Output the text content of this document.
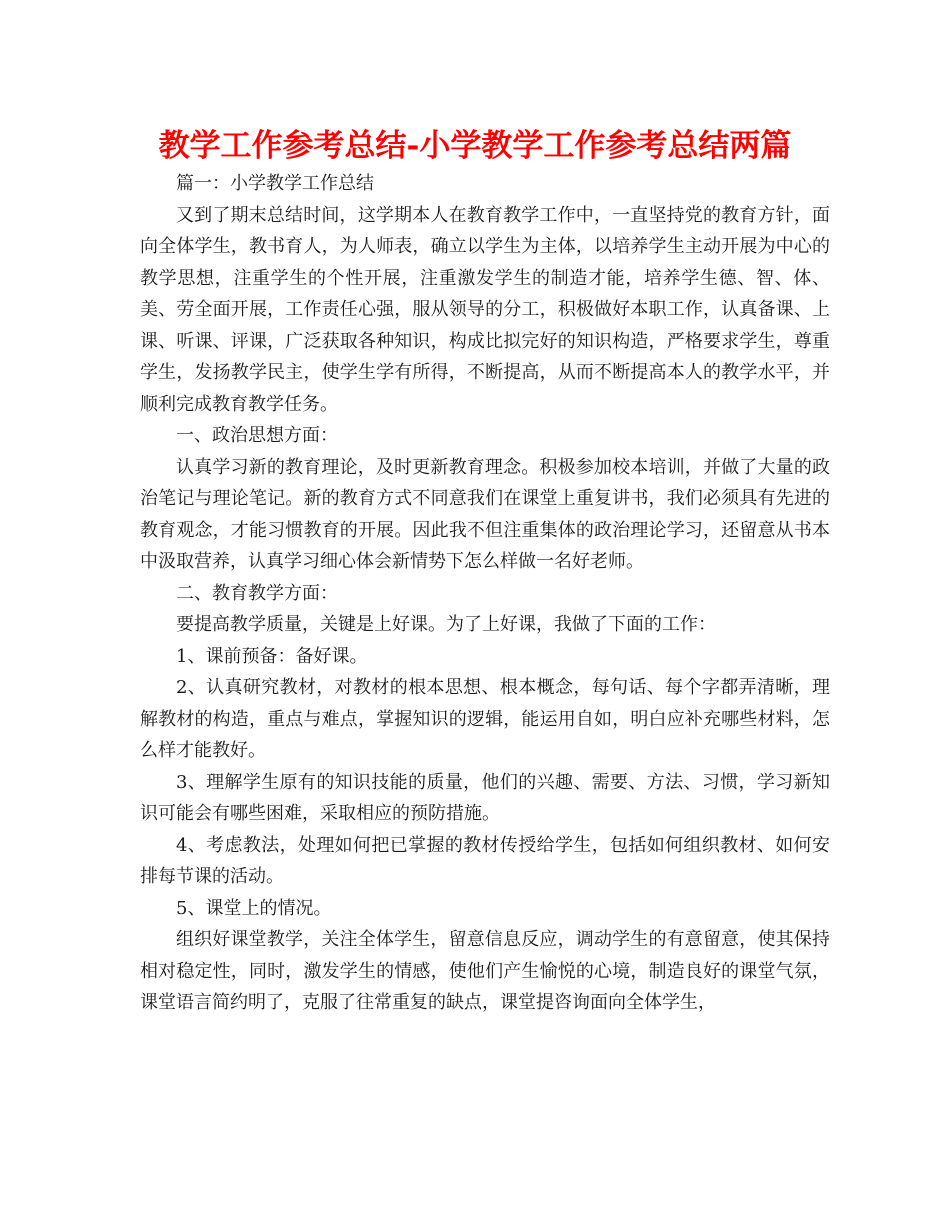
教学工作参考总结-小学教学工作参考总结两篇

篇一：小学教学工作总结

又到了期末总结时间，这学期本人在教育教学工作中，一直坚持党的教育方针，面向全体学生，教书育人，为人师表，确立以学生为主体，以培养学生主动开展为中心的教学思想，注重学生的个性开展，注重激发学生的制造才能，培养学生德、智、体、美、劳全面开展，工作责任心强，服从领导的分工，积极做好本职工作，认真备课、上课、听课、评课，广泛获取各种知识，构成比拟完好的知识构造，严格要求学生，尊重学生，发扬教学民主，使学生学有所得，不断提高，从而不断提高本人的教学水平，并顺利完成教育教学任务。

一、政治思想方面：

认真学习新的教育理论，及时更新教育理念。积极参加校本培训，并做了大量的政治笔记与理论笔记。新的教育方式不同意我们在课堂上重复讲书，我们必须具有先进的教育观念，才能习惯教育的开展。因此我不但注重集体的政治理论学习，还留意从书本中汲取营养，认真学习细心体会新情势下怎么样做一名好老师。

二、教育教学方面：

要提高教学质量，关键是上好课。为了上好课，我做了下面的工作：

1、课前预备：备好课。

2、认真研究教材，对教材的根本思想、根本概念，每句话、每个字都弄清晰，理解教材的构造，重点与难点，掌握知识的逻辑，能运用自如，明白应补充哪些材料，怎么样才能教好。

3、理解学生原有的知识技能的质量，他们的兴趣、需要、方法、习惯，学习新知识可能会有哪些困难，采取相应的预防措施。

4、考虑教法，处理如何把已掌握的教材传授给学生，包括如何组织教材、如何安排每节课的活动。

5、课堂上的情况。

组织好课堂教学，关注全体学生，留意信息反应，调动学生的有意留意，使其保持相对稳定性，同时，激发学生的情感，使他们产生愉悦的心境，制造良好的课堂气氛，课堂语言简约明了，克服了往常重复的缺点，课堂提咨询面向全体学生，
